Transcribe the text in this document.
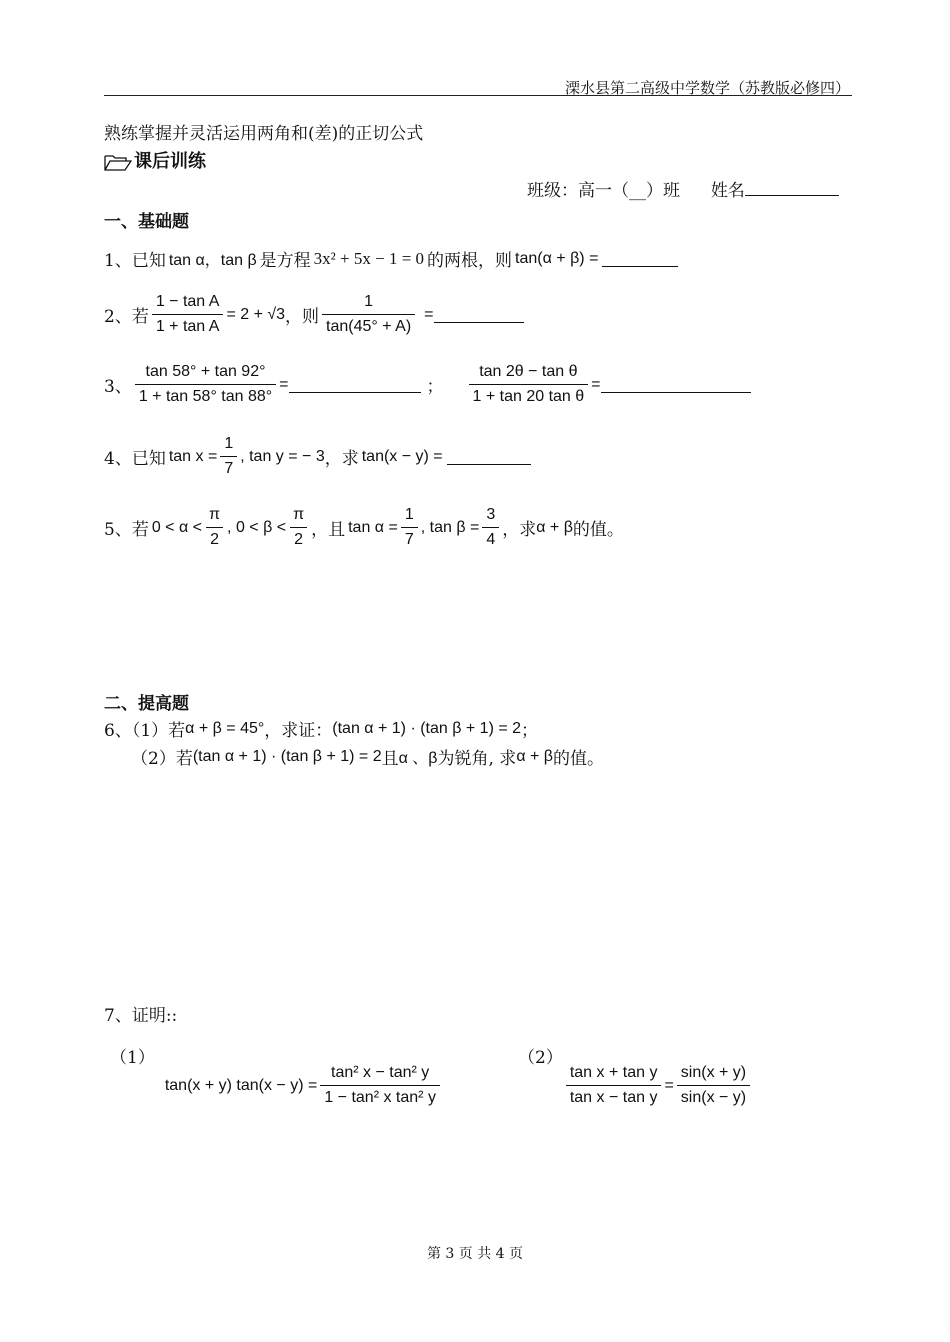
溧水县第二高级中学数学（苏教版必修四）
熟练掌握并灵活运用两角和(差)的正切公式
课后训练
班级：高一（__）班 姓名
一、基础题
1、已知 tan α，tan β 是方程 3x² + 5x − 1 = 0 的两根，则 tan(α + β) =
2、若 $\frac{\text{1 − tan A}}{\text{1 + tan A}} = 2 + √3$ ，则 $\frac{1}{\tan(45^\circ + A)}$ =
3、 $\frac{\tan 58^\circ + \tan 92^\circ}{1 + \tan 58^\circ \tan 88^\circ}$ =	； $\frac{\text{tan 2θ − tan θ}}{\text{1 + tan 20 tan θ}}$ =
4、已知 $\tan x = \frac{1}{7}$ , tan y = − 3 ，求 tan(x − y) =
5、若 $0 < \alpha < \frac{\pi}{2}$ , $0 < \beta < \frac{\pi}{2}$ ，且 $\tan \alpha = \frac{1}{7}$ , $\tan \beta = \frac{3}{4}$ ，求 α + β 的值。
二、提高题
6、（1）若 α + β = 45° ，求证： (tan α + 1) · (tan β + 1) = 2 ；
（2）若 (tan α + 1) · (tan β + 1) = 2 且 α 、β 为锐角, 求 α + β 的值。
7、证明::
（1）
tan(x + y) $\tan(x - y) = \frac{\text{tan² x − tan² y}}{\text{1 − tan² x tan² y}}$
（2）
$\frac{\text{tan x + tan y}}{\text{tan x − tan y}} = \frac{\sin(x + y)}{\sin(x - y)}$
第 3 页 共 4 页
